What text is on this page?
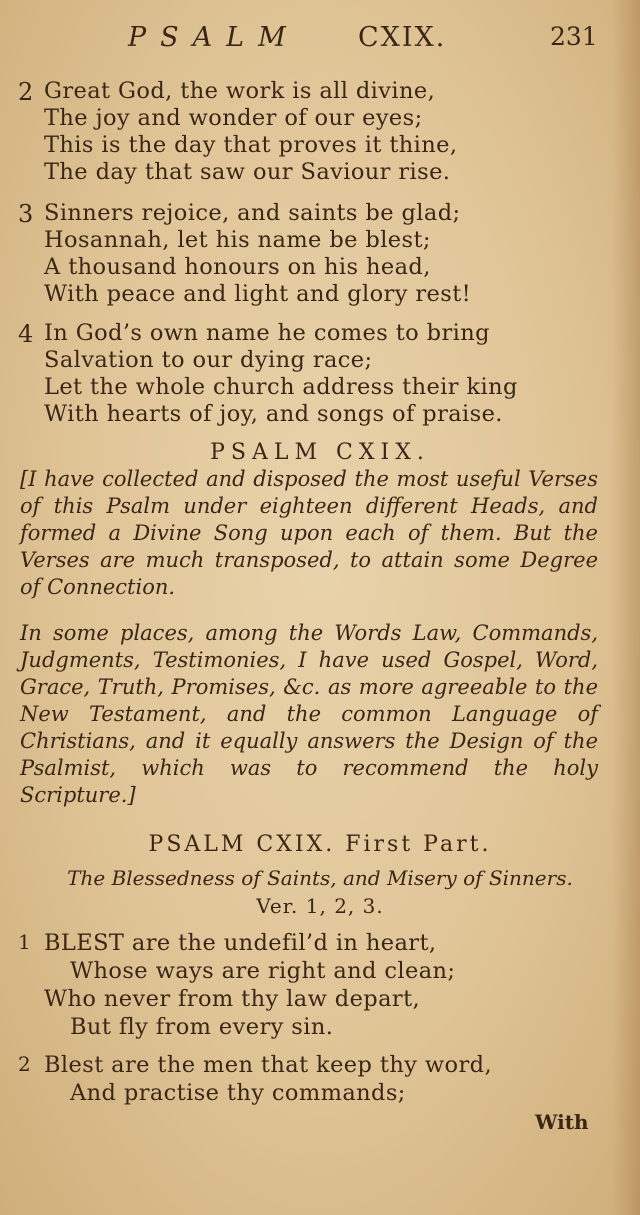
PSALM CXIX.	231
2 Great God, the work is all divine,
The joy and wonder of our eyes;
This is the day that proves it thine,
The day that saw our Saviour rise.
3 Sinners rejoice, and saints be glad;
Hosannah, let his name be blest;
A thousand honours on his head,
With peace and light and glory rest!
4 In God’s own name he comes to bring
Salvation to our dying race;
Let the whole church address their king
With hearts of joy, and songs of praise.
PSALM CXIX.

[I have collected and disposed the most useful Verses of this Psalm under eighteen different Heads, and formed a Divine Song upon each of them. But the Verses are much transposed, to attain some Degree of Connection.

In some places, among the Words Law, Commands, Judgments, Testimonies, I have used Gospel, Word, Grace, Truth, Promises, &c. as more agreeable to the New Testament, and the common Language of Christians, and it equally answers the Design of the Psalmist, which was to recommend the holy Scripture.]

PSALM CXIX. First Part.
The Blessedness of Saints, and Misery of Sinners.
Ver. 1, 2, 3.
1 BLEST are the undefil’d in heart,
Whose ways are right and clean;
Who never from thy law depart,
But fly from every sin.
2 Blest are the men that keep thy word,
And practise thy commands;
With
